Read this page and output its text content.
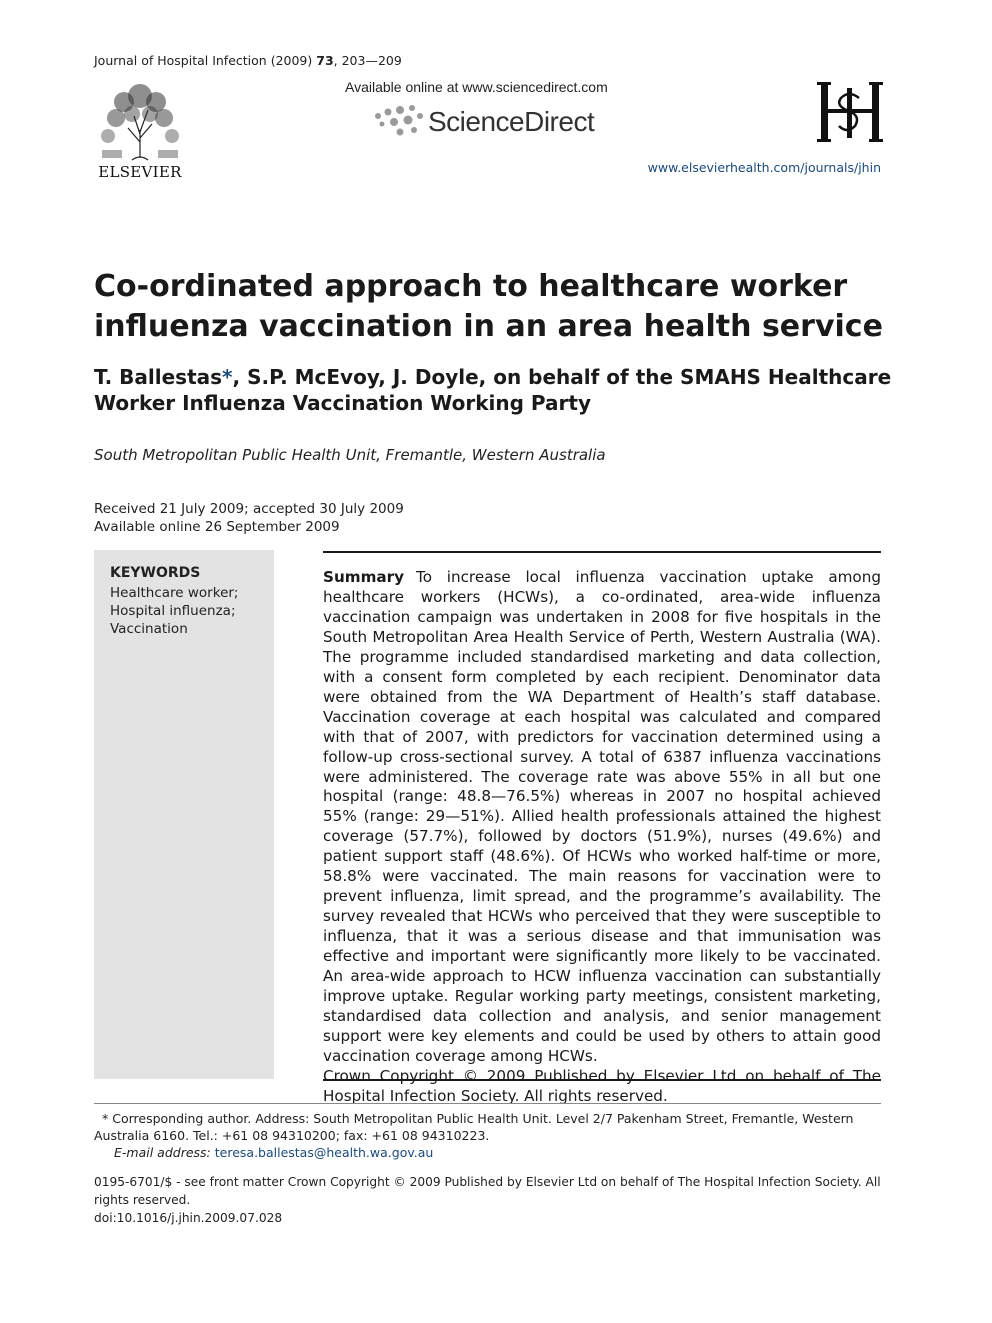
Journal of Hospital Infection (2009) 73, 203—209
ELSEVIER
Available online at www.sciencedirect.com
ScienceDirect
www.elsevierhealth.com/journals/jhin
Co-ordinated approach to healthcare worker influenza vaccination in an area health service

T. Ballestas*, S.P. McEvoy, J. Doyle, on behalf of the SMAHS Healthcare Worker Influenza Vaccination Working Party

South Metropolitan Public Health Unit, Fremantle, Western Australia
Received 21 July 2009; accepted 30 July 2009
Available online 26 September 2009
KEYWORDS
Healthcare worker;
Hospital influenza;
Vaccination
Summary To increase local influenza vaccination uptake among healthcare workers (HCWs), a co-ordinated, area-wide influenza vaccination campaign was undertaken in 2008 for five hospitals in the South Metropolitan Area Health Service of Perth, Western Australia (WA). The programme included standardised marketing and data collection, with a consent form completed by each recipient. Denominator data were obtained from the WA Department of Health’s staff database. Vaccination coverage at each hospital was calculated and compared with that of 2007, with predictors for vaccination determined using a follow-up cross-sectional survey. A total of 6387 influenza vaccinations were administered. The coverage rate was above 55% in all but one hospital (range: 48.8—76.5%) whereas in 2007 no hospital achieved 55% (range: 29—51%). Allied health professionals attained the highest coverage (57.7%), followed by doctors (51.9%), nurses (49.6%) and patient support staff (48.6%). Of HCWs who worked half-time or more, 58.8% were vaccinated. The main reasons for vaccination were to prevent influenza, limit spread, and the programme’s availability. The survey revealed that HCWs who perceived that they were susceptible to influenza, that it was a serious disease and that immunisation was effective and important were significantly more likely to be vaccinated. An area-wide approach to HCW influenza vaccination can substantially improve uptake. Regular working party meetings, consistent marketing, standardised data collection and analysis, and senior management support were key elements and could be used by others to attain good vaccination coverage among HCWs.
Crown Copyright © 2009 Published by Elsevier Ltd on behalf of The Hospital Infection Society. All rights reserved.
* Corresponding author. Address: South Metropolitan Public Health Unit. Level 2/7 Pakenham Street, Fremantle, Western Australia 6160. Tel.: +61 08 94310200; fax: +61 08 94310223.
E-mail address: teresa.ballestas@health.wa.gov.au
0195-6701/$ - see front matter Crown Copyright © 2009 Published by Elsevier Ltd on behalf of The Hospital Infection Society. All rights reserved.
doi:10.1016/j.jhin.2009.07.028
